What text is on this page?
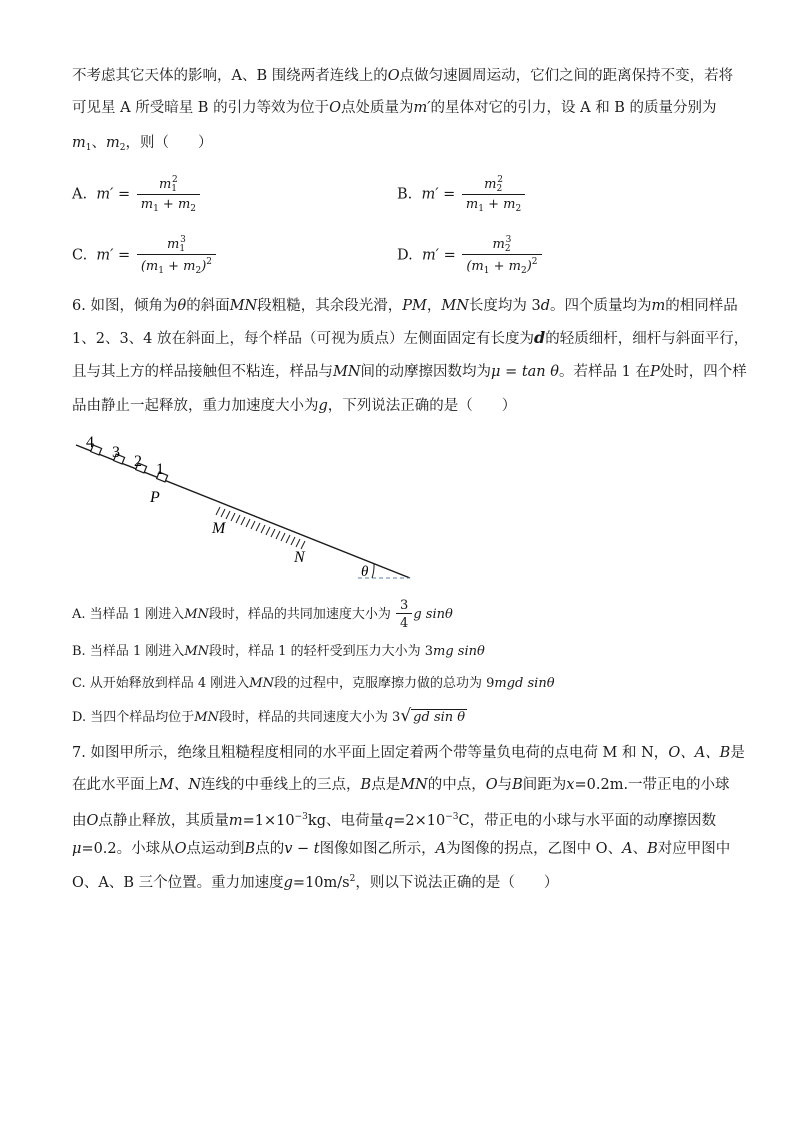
不考虑其它天体的影响，A、B 围绕两者连线上的O点做匀速圆周运动，它们之间的距离保持不变，若将
可见星 A 所受暗星 B 的引力等效为位于O点处质量为m′的星体对它的引力，设 A 和 B 的质量分别为
$m_1$、$m_2$，则（　　）
A. $m' = \frac{m_1^2}{m_1 + m_2}$	B. $m' = \frac{m_2^2}{m_1 + m_2}$
C. $m' = \frac{m_1^3}{(m_1 + m_2)^2}$	D. $m' = \frac{m_2^3}{(m_1 + m_2)^2}$
6. 如图，倾角为θ的斜面MN段粗糙，其余段光滑，PM，MN长度均为 3d。四个质量均为m的相同样品
1、2、3、4 放在斜面上，每个样品（可视为质点）左侧面固定有长度为d的轻质细杆，细杆与斜面平行，
且与其上方的样品接触但不粘连，样品与MN间的动摩擦因数均为μ = tan θ。若样品 1 在P处时，四个样
品由静止一起释放，重力加速度大小为g，下列说法正确的是（　　）
4
3
2 1
P
M
N
θ
A. 当样品 1 刚进入MN段时，样品的共同加速度大小为 $\frac{3}{4}$ g sinθ
B. 当样品 1 刚进入MN段时，样品 1 的轻杆受到压力大小为 3mg sinθ
C. 从开始释放到样品 4 刚进入MN段的过程中，克服摩擦力做的总功为 9mgd sinθ
D. 当四个样品均位于MN段时，样品的共同速度大小为 3√ gd sin θ
7. 如图甲所示，绝缘且粗糙程度相同的水平面上固定着两个带等量负电荷的点电荷 M 和 N，O、A、B是
在此水平面上M、N连线的中垂线上的三点，B点是MN的中点，O与B间距为x=0.2m.一带正电的小球
由O点静止释放，其质量$m=1\times 10^{-3}kg$、电荷量$q=2\times 10^{-3}C$，带正电的小球与水平面的动摩擦因数
μ=0.2。小球从O点运动到B点的v − t图像如图乙所示，A为图像的拐点，乙图中 O、A、B对应甲图中
O、A、B 三个位置。重力加速度$g=10m/s^2$，则以下说法正确的是（　　）
